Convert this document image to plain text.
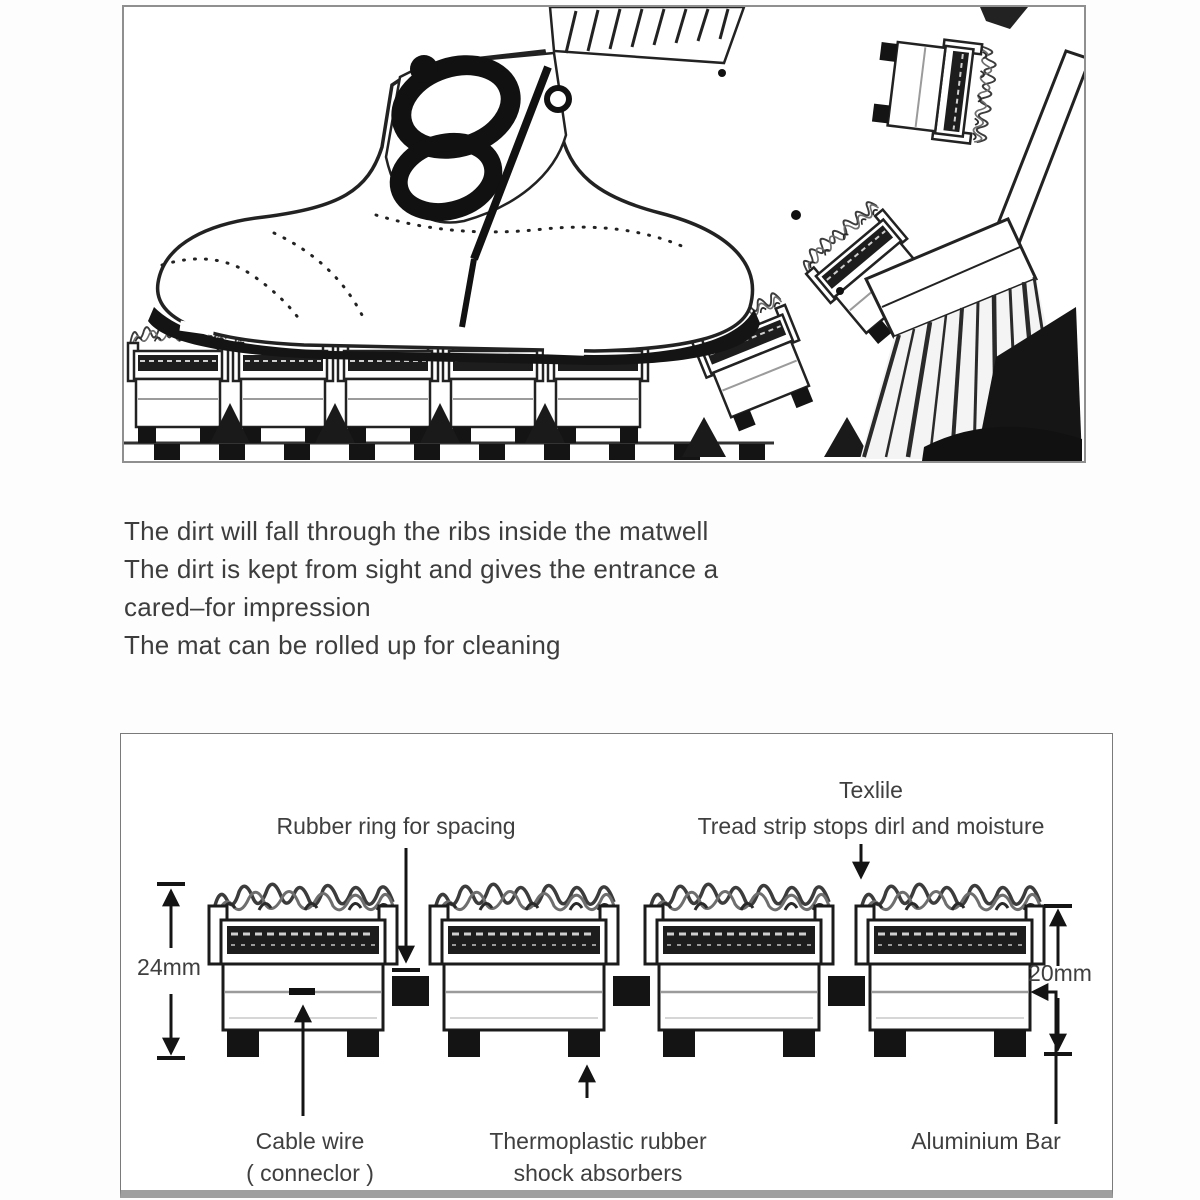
The dirt will fall through the ribs inside the matwell
The dirt is kept from sight and gives the entrance a
cared–for impression
The mat can be rolled up for cleaning
Rubber ring for spacing
Texlile
Tread strip stops dirl and moisture
24mm	20mm
Cable wire
( conneclor )
Thermoplastic rubber
shock absorbers
Aluminium Bar
